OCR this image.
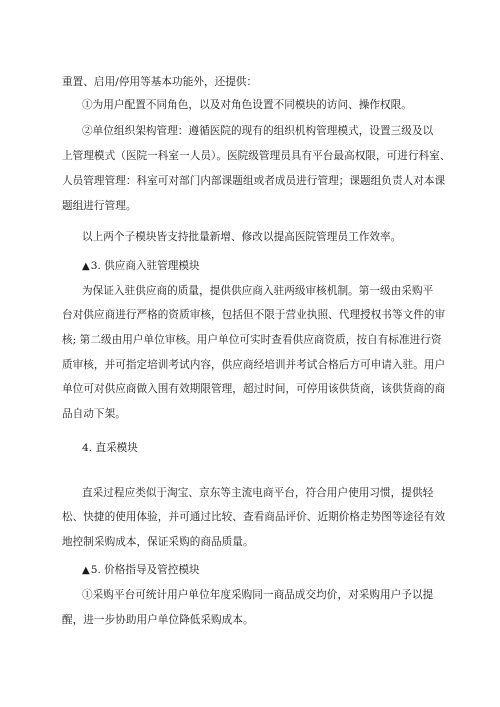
重置、启用/停用等基本功能外，还提供：
①为用户配置不同角色，以及对角色设置不同模块的访问、操作权限。
②单位组织架构管理：遵循医院的现有的组织机构管理模式，设置三级及以
上管理模式（医院一科室一人员）。医院级管理员具有平台最高权限，可进行科室、
人员管理管理：科室可对部门内部课题组或者成员进行管理；课题组负责人对本课
题组进行管理。
以上两个子模块皆支持批量新增、修改以提高医院管理员工作效率。
▲3. 供应商入驻管理模块
为保证入驻供应商的质量，提供供应商入驻两级审核机制。第一级由采购平
台对供应商进行严格的资质审核，包括但不限于营业执照、代理授权书等文件的审
核; 第二级由用户单位审核。用户单位可实时查看供应商资质，按自有标准进行资
质审核，并可指定培训考试内容，供应商经培训并考试合格后方可申请入驻。用户
单位可对供应商做入围有效期限管理，超过时间，可停用该供货商，该供货商的商
品自动下架。
4. 直采模块
直采过程应类似于淘宝、京东等主流电商平台，符合用户使用习惯，提供轻
松、快捷的使用体验，并可通过比较、查看商品评价、近期价格走势图等途径有效
地控制采购成本，保证采购的商品质量。
▲5. 价格指导及管控模块
①采购平台可统计用户单位年度采购同一商品成交均价，对采购用户予以提
醒，进一步协助用户单位降低采购成本。
